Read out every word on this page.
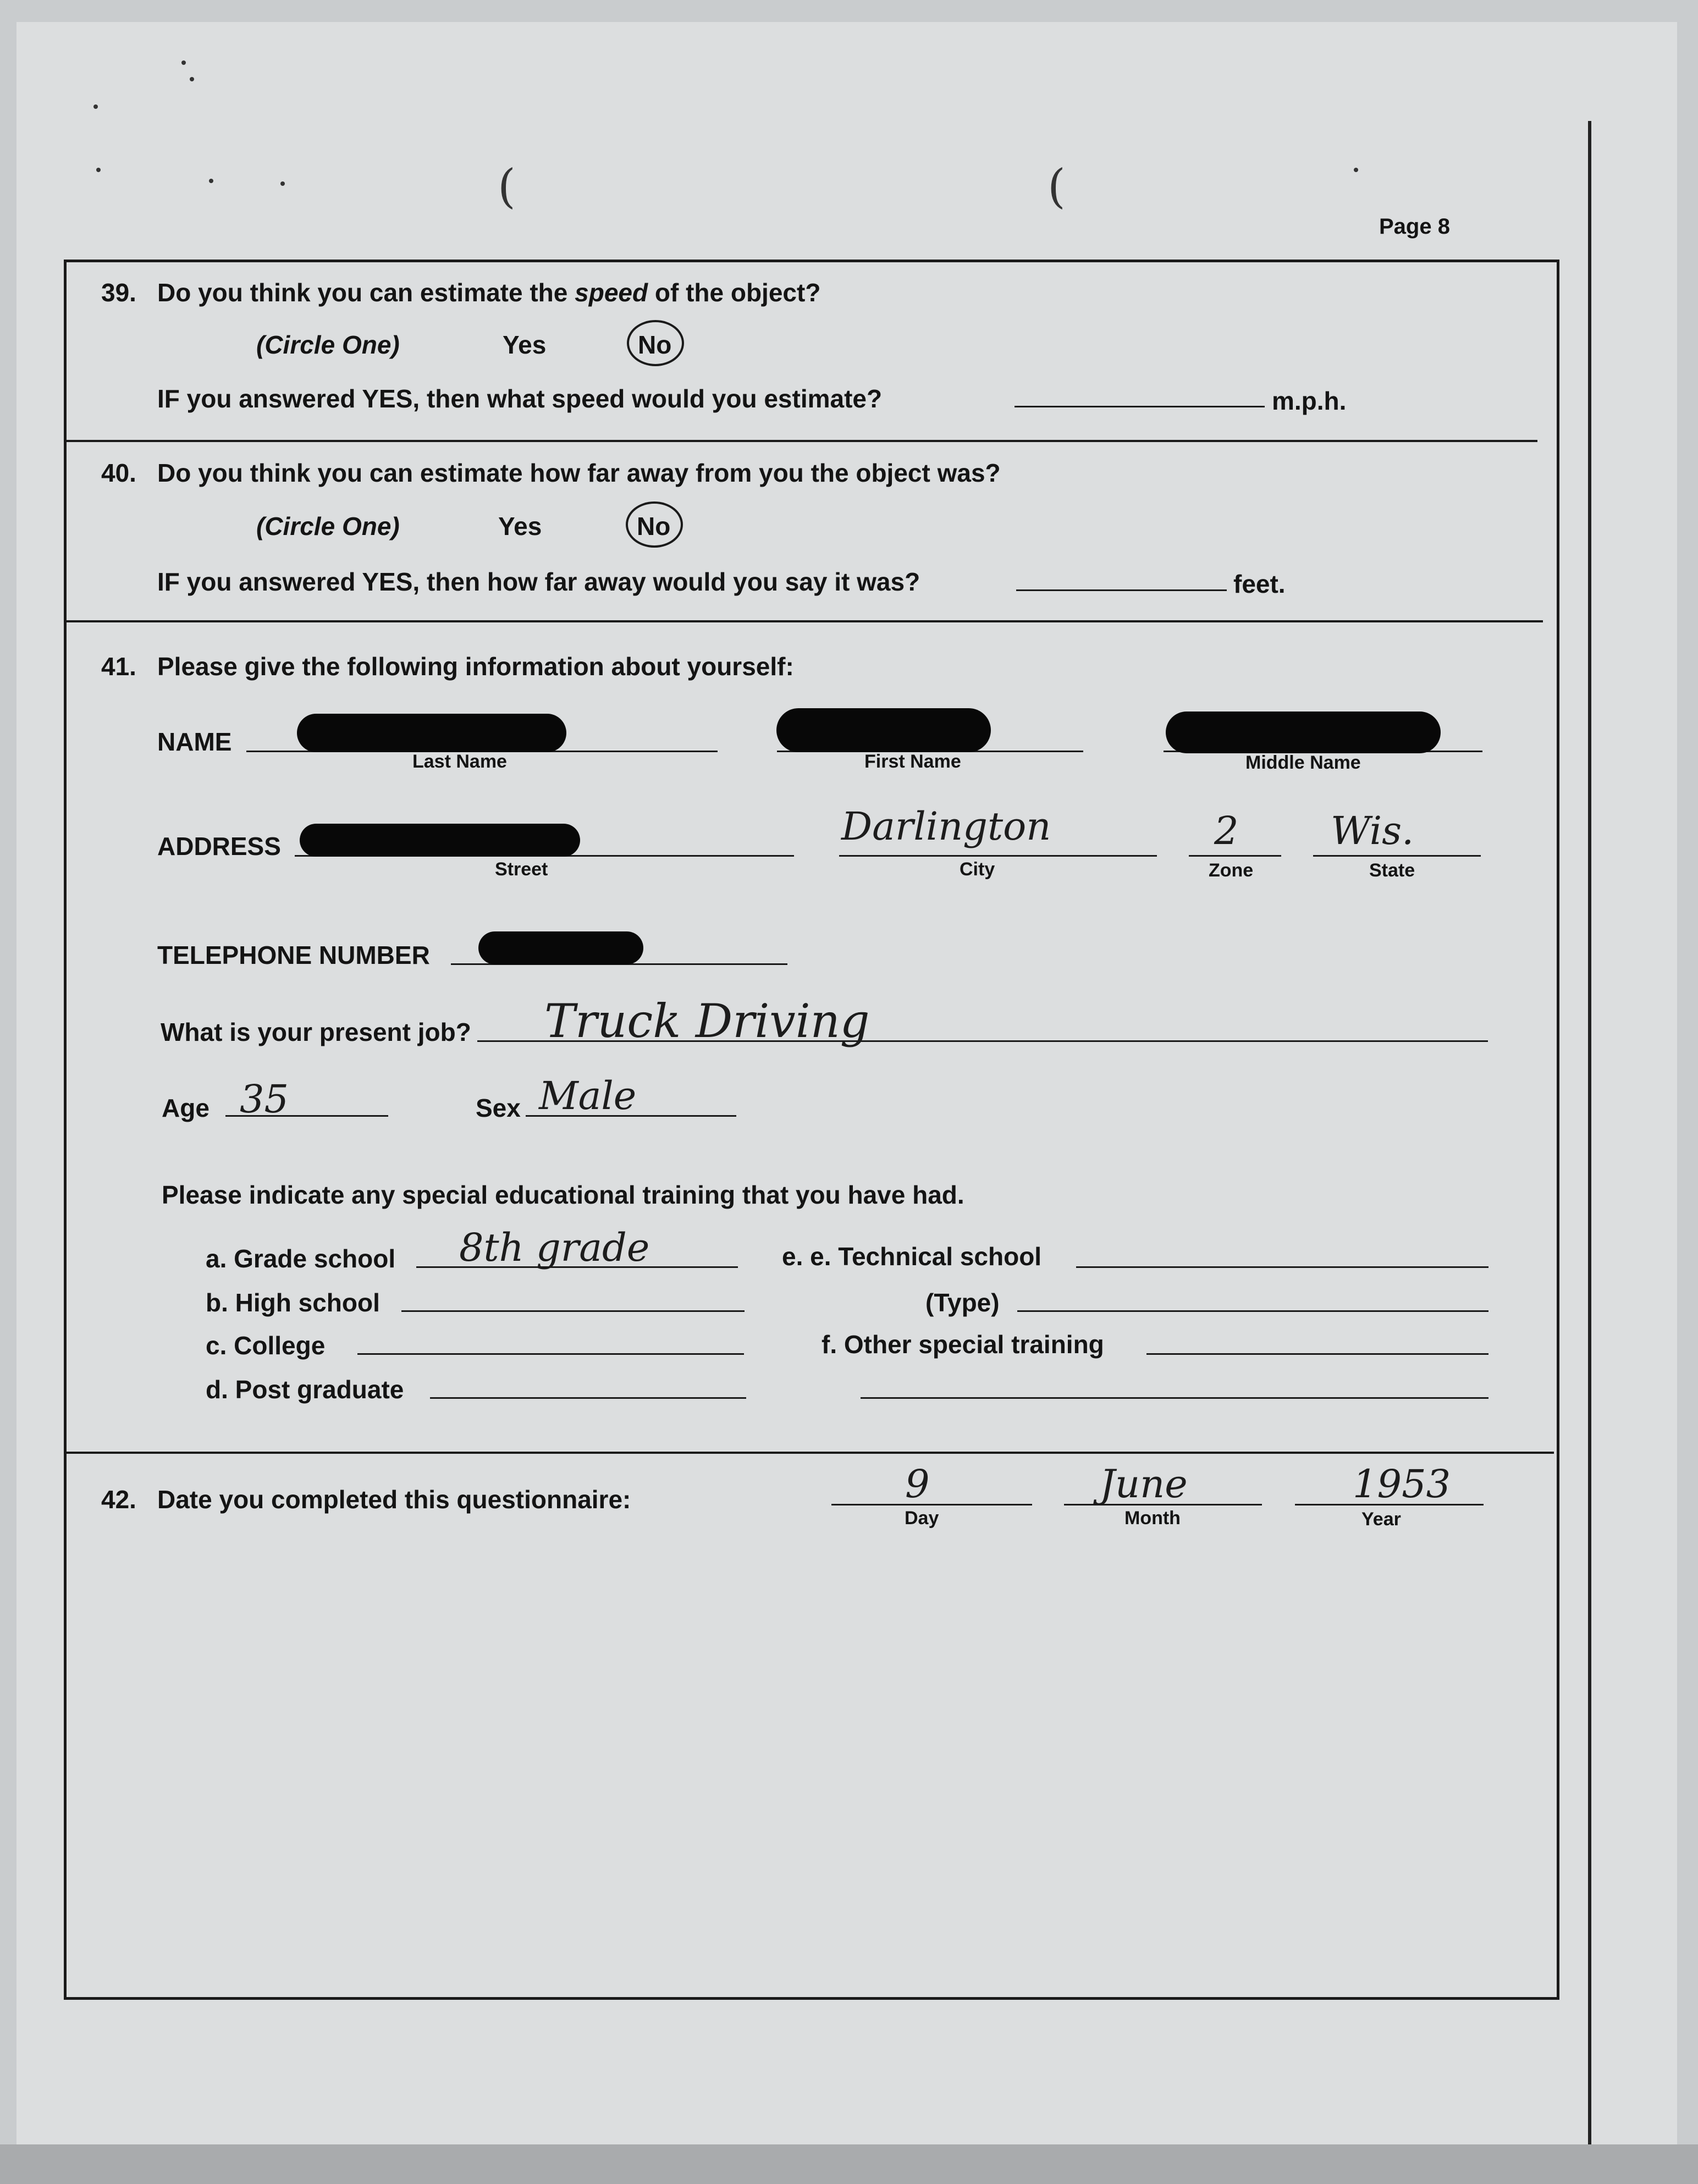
(	(
Page 8
39. Do you think you can estimate the speed of the object?
(Circle One)	Yes	No
IF you answered YES, then what speed would you estimate?	m.p.h.
40. Do you think you can estimate how far away from you the object was?
(Circle One)	Yes	No
IF you answered YES, then how far away would you say it was?	feet.
41. Please give the following information about yourself:
NAME
Last Name	First Name	Middle Name
ADDRESS
Street
Darlington
City
2
Zone
Wis.
State
TELEPHONE NUMBER
What is your present job? Truck Driving
Age 35	Sex Male
Please indicate any special educational training that you have had.
a. Grade school 8th grade
b. High school
c. College
d. Post graduate
e. e. Technical school
(Type)
f. Other special training
42. Date you completed this questionnaire:	9
Day
June
Month
1953
Year
